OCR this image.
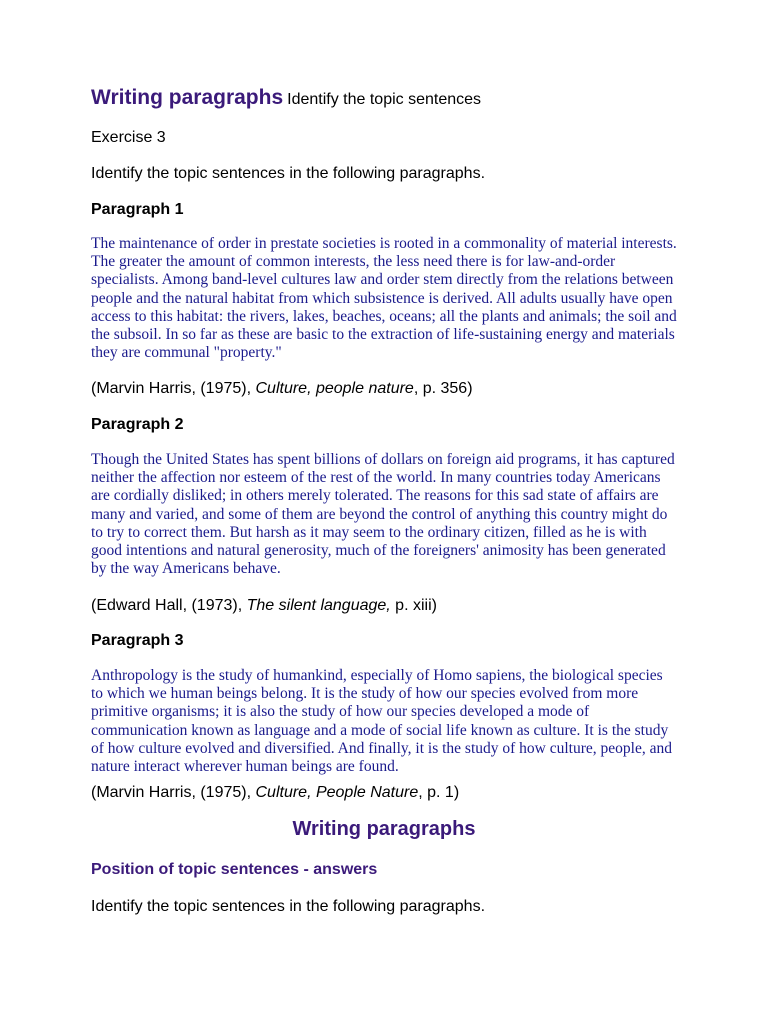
Writing paragraphs Identify the topic sentences

Exercise 3

Identify the topic sentences in the following paragraphs.

Paragraph 1

The maintenance of order in prestate societies is rooted in a commonality of material interests. The greater the amount of common interests, the less need there is for law-and-order specialists. Among band-level cultures law and order stem directly from the relations between people and the natural habitat from which subsistence is derived. All adults usually have open access to this habitat: the rivers, lakes, beaches, oceans; all the plants and animals; the soil and the subsoil. In so far as these are basic to the extraction of life-sustaining energy and materials they are communal "property."

(Marvin Harris, (1975), Culture, people nature, p. 356)

Paragraph 2

Though the United States has spent billions of dollars on foreign aid programs, it has captured neither the affection nor esteem of the rest of the world. In many countries today Americans are cordially disliked; in others merely tolerated. The reasons for this sad state of affairs are many and varied, and some of them are beyond the control of anything this country might do to try to correct them. But harsh as it may seem to the ordinary citizen, filled as he is with good intentions and natural generosity, much of the foreigners' animosity has been generated by the way Americans behave.

(Edward Hall, (1973), The silent language, p. xiii)

Paragraph 3

Anthropology is the study of humankind, especially of Homo sapiens, the biological species to which we human beings belong. It is the study of how our species evolved from more primitive organisms; it is also the study of how our species developed a mode of communication known as language and a mode of social life known as culture. It is the study of how culture evolved and diversified. And finally, it is the study of how culture, people, and nature interact wherever human beings are found.

(Marvin Harris, (1975), Culture, People Nature, p. 1)

Writing paragraphs

Position of topic sentences - answers

Identify the topic sentences in the following paragraphs.
